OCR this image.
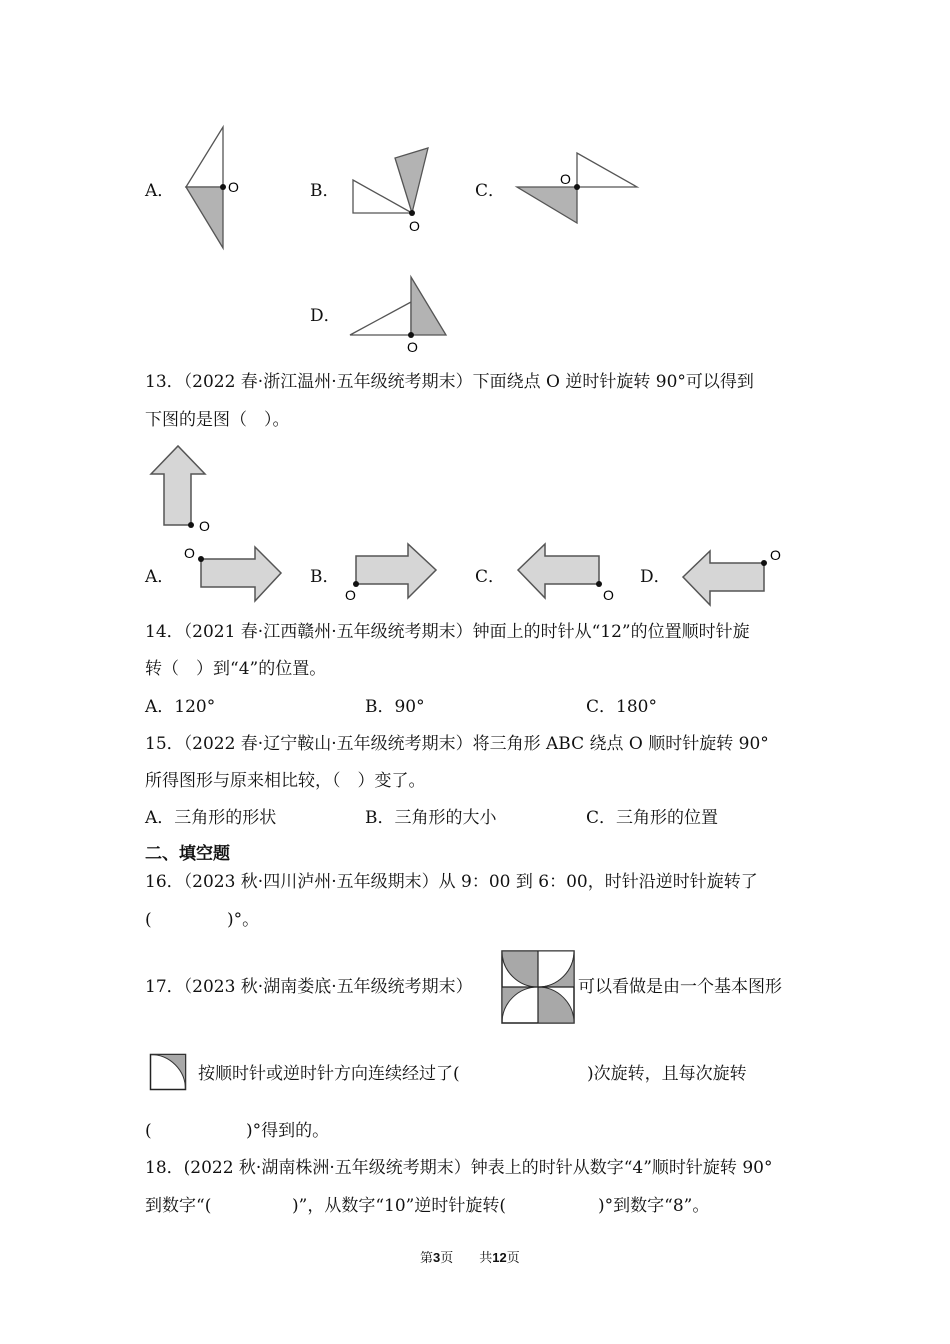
A．	O	B．
O
C．
O
D．
O
13．（2022 春·浙江温州·五年级统考期末）下面绕点 O 逆时针旋转 90°可以得到
下图的是图（　）。
O
A．
O
B．
O
C．
O
D．
O
14．（2021 春·江西赣州·五年级统考期末）钟面上的时针从“12”的位置顺时针旋
转（　）到“4”的位置。
A．120°	B．90°	C．180°
15．（2022 春·辽宁鞍山·五年级统考期末）将三角形 ABC 绕点 O 顺时针旋转 90°
所得图形与原来相比较，（　）变了。
A．三角形的形状	B．三角形的大小	C．三角形的位置
二、填空题
16．（2023 秋·四川泸州·五年级期末）从 9：00 到 6：00，时针沿逆时针旋转了
(	)°。
17．（2023 秋·湖南娄底·五年级统考期末）	可以看做是由一个基本图形
按顺时针或逆时针方向连续经过了(	)次旋转，且每次旋转
(	)°得到的。
18．(2022 秋·湖南株洲·五年级统考期末）钟表上的时针从数字“4”顺时针旋转 90°
到数字“(	)”，从数字“10”逆时针旋转(	)°到数字“8”。
第3页　　共12页
